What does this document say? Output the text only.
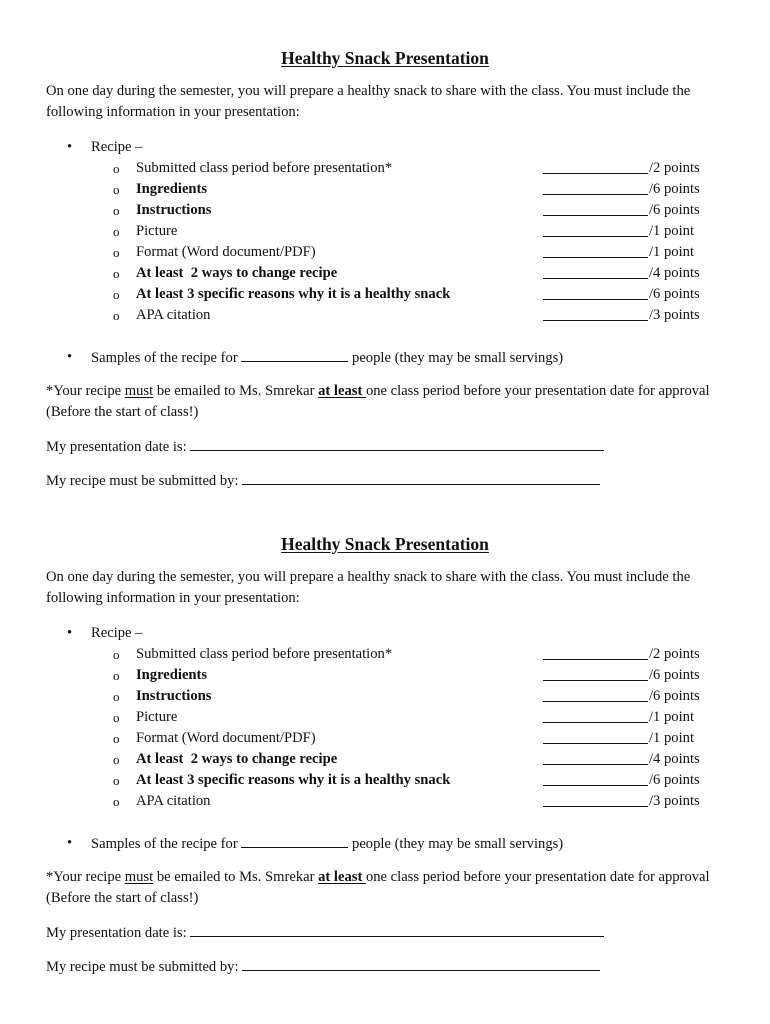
Healthy Snack Presentation

On one day during the semester, you will prepare a healthy snack to share with the class. You must include the following information in your presentation:

• Recipe –
o Submitted class period before presentation*	/2 points
o Ingredients	/6 points
o Instructions	/6 points
o Picture	/1 point
o Format (Word document/PDF)	/1 point
o At least  2 ways to change recipe	/4 points
o At least 3 specific reasons why it is a healthy snack	/6 points
o APA citation	/3 points
• Samples of the recipe for	people (they may be small servings)

*Your recipe must be emailed to Ms. Smrekar at least one class period before your presentation date for approval (Before the start of class!)

My presentation date is:
My recipe must be submitted by:
Healthy Snack Presentation

On one day during the semester, you will prepare a healthy snack to share with the class. You must include the following information in your presentation:

• Recipe –
o Submitted class period before presentation*	/2 points
o Ingredients	/6 points
o Instructions	/6 points
o Picture	/1 point
o Format (Word document/PDF)	/1 point
o At least  2 ways to change recipe	/4 points
o At least 3 specific reasons why it is a healthy snack	/6 points
o APA citation	/3 points
• Samples of the recipe for	people (they may be small servings)

*Your recipe must be emailed to Ms. Smrekar at least one class period before your presentation date for approval (Before the start of class!)

My presentation date is:
My recipe must be submitted by:
